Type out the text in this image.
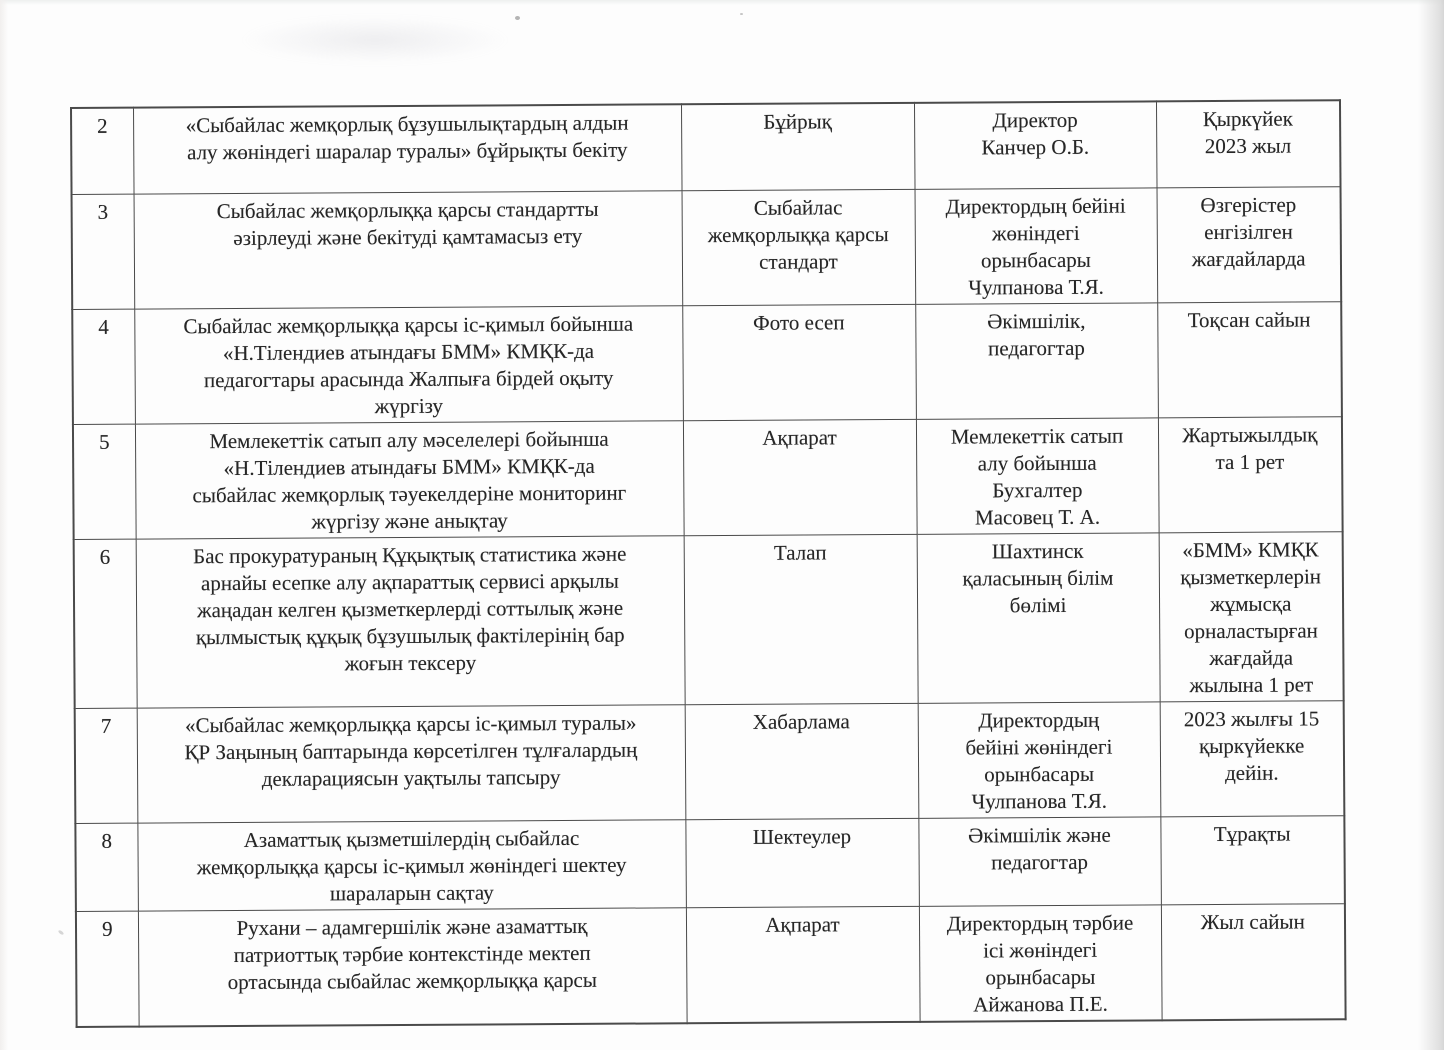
2	«Сыбайлас жемқорлық бұзушылықтардың алдын
алу жөніндегі шаралар туралы» бұйрықты бекіту	Бұйрық	Директор
Канчер О.Б.	Қыркүйек
2023 жыл
3	Сыбайлас жемқорлыққа қарсы стандартты
әзірлеуді және бекітуді қамтамасыз ету	Сыбайлас
жемқорлыққа қарсы
стандарт	Директордың бейіні
жөніндегі
орынбасары
Чулпанова Т.Я.	Өзгерістер
енгізілген
жағдайларда
4	Сыбайлас жемқорлыққа қарсы іс-қимыл бойынша
«Н.Тілендиев атындағы БММ» КМҚК-да
педагогтары арасында Жалпыға бірдей оқыту
жүргізу	Фото есеп	Әкімшілік,
педагогтар	Тоқсан сайын
5	Мемлекеттік сатып алу мәселелері бойынша
«Н.Тілендиев атындағы БММ» КМҚК-да
сыбайлас жемқорлық тәуекелдеріне мониторинг
жүргізу және анықтау	Ақпарат	Мемлекеттік сатып
алу бойынша
Бухгалтер
Масовец Т. А.	Жартыжылдық
та 1 рет
6	Бас прокуратураның Құқықтық статистика және
арнайы есепке алу ақпараттық сервисі арқылы
жаңадан келген қызметкерлерді соттылық және
қылмыстық құқық бұзушылық фактілерінің бар
жоғын тексеру	Талап	Шахтинск
қаласының білім
бөлімі	«БММ» КМҚК
қызметкерлерін
жұмысқа
орналастырған
жағдайда
жылына 1 рет
7	«Сыбайлас жемқорлыққа қарсы іс-қимыл туралы»
ҚР Заңының баптарында көрсетілген тұлғалардың
декларациясын уақтылы тапсыру	Хабарлама	Директордың
бейіні жөніндегі
орынбасары
Чулпанова Т.Я.	2023 жылғы 15
қыркүйекке
дейін.
8	Азаматтық қызметшілердің сыбайлас
жемқорлыққа қарсы іс-қимыл жөніндегі шектеу
шараларын сақтау	Шектеулер	Әкімшілік және
педагогтар	Тұрақты
9	Рухани – адамгершілік және азаматтық
патриоттық тәрбие контекстінде мектеп
ортасында сыбайлас жемқорлыққа қарсы	Ақпарат	Директордың тәрбие
ісі жөніндегі
орынбасары
Айжанова П.Е.	Жыл сайын
